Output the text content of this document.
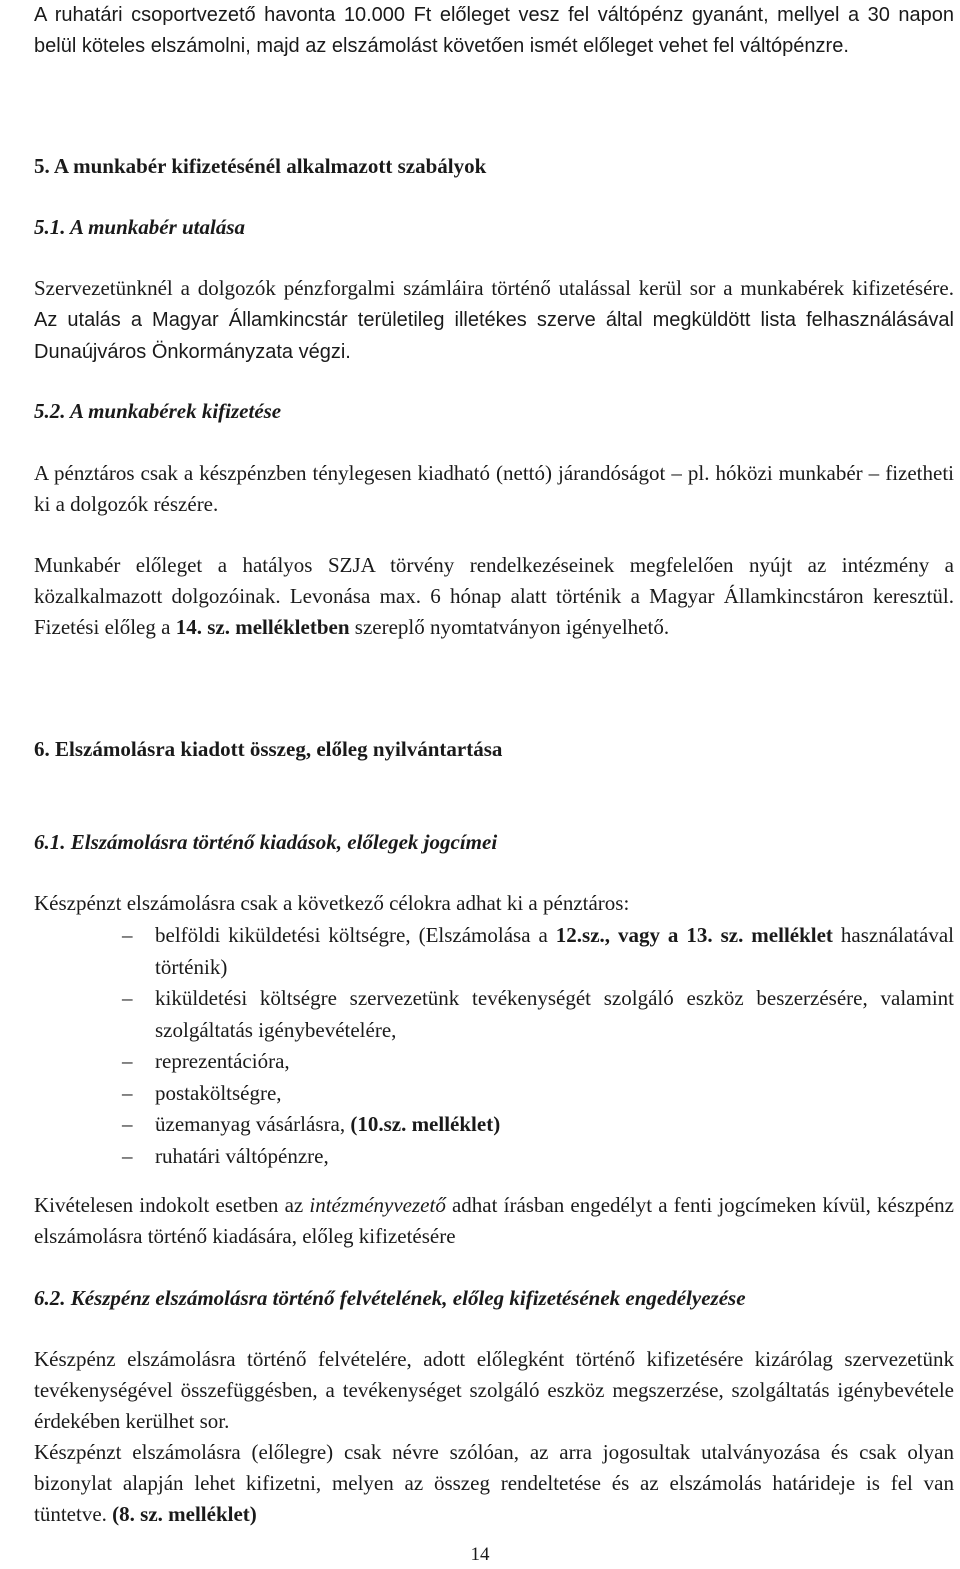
A ruhatári csoportvezető havonta 10.000 Ft előleget vesz fel váltópénz gyanánt, mellyel a 30 napon belül köteles elszámolni, majd az elszámolást követően ismét előleget vehet fel váltópénzre.

5. A munkabér kifizetésénél alkalmazott szabályok

5.1. A munkabér utalása

Szervezetünknél a dolgozók pénzforgalmi számláira történő utalással kerül sor a munkabérek kifizetésére. Az utalás a Magyar Államkincstár területileg illetékes szerve által megküldött lista felhasználásával Dunaújváros Önkormányzata végzi.

5.2. A munkabérek kifizetése

A pénztáros csak a készpénzben ténylegesen kiadható (nettó) járandóságot – pl. hóközi munkabér – fizetheti ki a dolgozók részére.

Munkabér előleget a hatályos SZJA törvény rendelkezéseinek megfelelően nyújt az intézmény a közalkalmazott dolgozóinak. Levonása max. 6 hónap alatt történik a Magyar Államkincstáron keresztül. Fizetési előleg a 14. sz. mellékletben szereplő nyomtatványon igényelhető.

6. Elszámolásra kiadott összeg, előleg nyilvántartása

6.1. Elszámolásra történő kiadások, előlegek jogcímei

Készpénzt elszámolásra csak a következő célokra adhat ki a pénztáros:

– belföldi kiküldetési költségre, (Elszámolása a 12.sz., vagy a 13. sz. melléklet használatával történik)
– kiküldetési költségre szervezetünk tevékenységét szolgáló eszköz beszerzésére, valamint szolgáltatás igénybevételére,
– reprezentációra,
– postaköltségre,
– üzemanyag vásárlásra, (10.sz. melléklet)
– ruhatári váltópénzre,

Kivételesen indokolt esetben az intézményvezető adhat írásban engedélyt a fenti jogcímeken kívül, készpénz elszámolásra történő kiadására, előleg kifizetésére

6.2. Készpénz elszámolásra történő felvételének, előleg kifizetésének engedélyezése

Készpénz elszámolásra történő felvételére, adott előlegként történő kifizetésére kizárólag szervezetünk tevékenységével összefüggésben, a tevékenységet szolgáló eszköz megszerzése, szolgáltatás igénybevétele érdekében kerülhet sor.

Készpénzt elszámolásra (előlegre) csak névre szólóan, az arra jogosultak utalványozása és csak olyan bizonylat alapján lehet kifizetni, melyen az összeg rendeltetése és az elszámolás határideje is fel van tüntetve. (8. sz. melléklet)

14
